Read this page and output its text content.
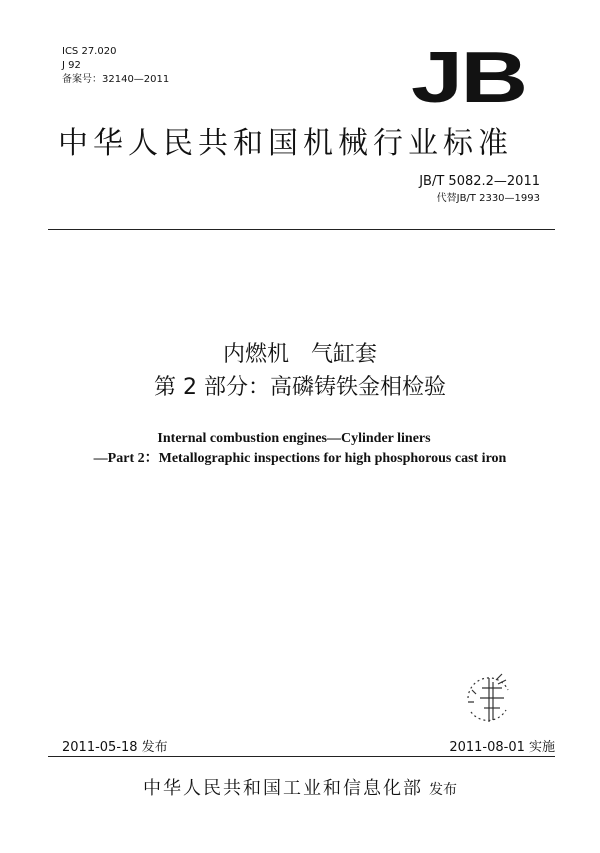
ICS 27.020
J 92
备案号：32140—2011	JB
中华人民共和国机械行业标准
JB/T 5082.2—2011
代替JB/T 2330—1993
内燃机　气缸套
第 2 部分：高磷铸铁金相检验
Internal combustion engines—Cylinder liners
—Part 2：Metallographic inspections for high phosphorous cast iron
2011-05-18 发布	2011-08-01 实施
中华人民共和国工业和信息化部 发布
